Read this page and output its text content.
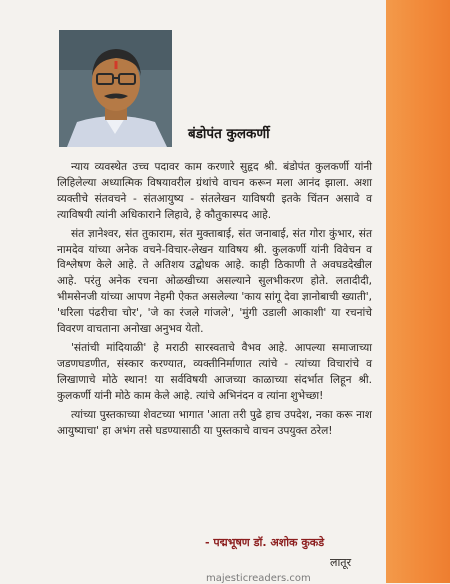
बंडोपंत कुलकर्णी

न्याय व्यवस्थेत उच्च पदावर काम करणारे सुहृद श्री. बंडोपंत कुलकर्णी यांनी लिहिलेल्या अध्यात्मिक विषयावरील ग्रंथांचे वाचन करून मला आनंद झाला. अशा व्यक्तीचे संतवचने - संतआयुष्य - संतलेखन याविषयी इतके चिंतन असावे व त्याविषयी त्यांनी अधिकाराने लिहावे, हे कौतुकास्पद आहे.

संत ज्ञानेश्वर, संत तुकाराम, संत मुक्ताबाई, संत जनाबाई, संत गोरा कुंभार, संत नामदेव यांच्या अनेक वचने-विचार-लेखन याविषय श्री. कुलकर्णी यांनी विवेचन व विश्लेषण केले आहे. ते अतिशय उद्बोधक आहे. काही ठिकाणी ते अवघडदेखील आहे. परंतु अनेक रचना ओळखीच्या असल्याने सुलभीकरण होते. लतादीदी, भीमसेनजी यांच्या आपण नेहमी ऐकत असलेल्या 'काय सांगू देवा ज्ञानोबाची ख्याती', 'धरिला पंढरीचा चोर', 'जे का रंजले गांजले', 'मुंगी उडाली आकाशी' या रचनांचे विवरण वाचताना अनोखा अनुभव येतो.

'संतांची मांदियाळी' हे मराठी सारस्वताचे वैभव आहे. आपल्या समाजाच्या जडणघडणीत, संस्कार करण्यात, व्यक्तीनिर्माणात त्यांचे - त्यांच्या विचारांचे व लिखाणाचे मोठे स्थान! या सर्वविषयी आजच्या काळाच्या संदर्भात लिहून श्री. कुलकर्णी यांनी मोठे काम केले आहे. त्यांचे अभिनंदन व त्यांना शुभेच्छा!

त्यांच्या पुस्तकाच्या शेवटच्या भागात 'आता तरी पुढे हाच उपदेश, नका करू नाश आयुष्याचा' हा अभंग तसे घडण्यासाठी या पुस्तकाचे वाचन उपयुक्त ठरेल!

- पद्मभूषण डॉ. अशोक कुकडे
लातूर
majesticreaders.com
